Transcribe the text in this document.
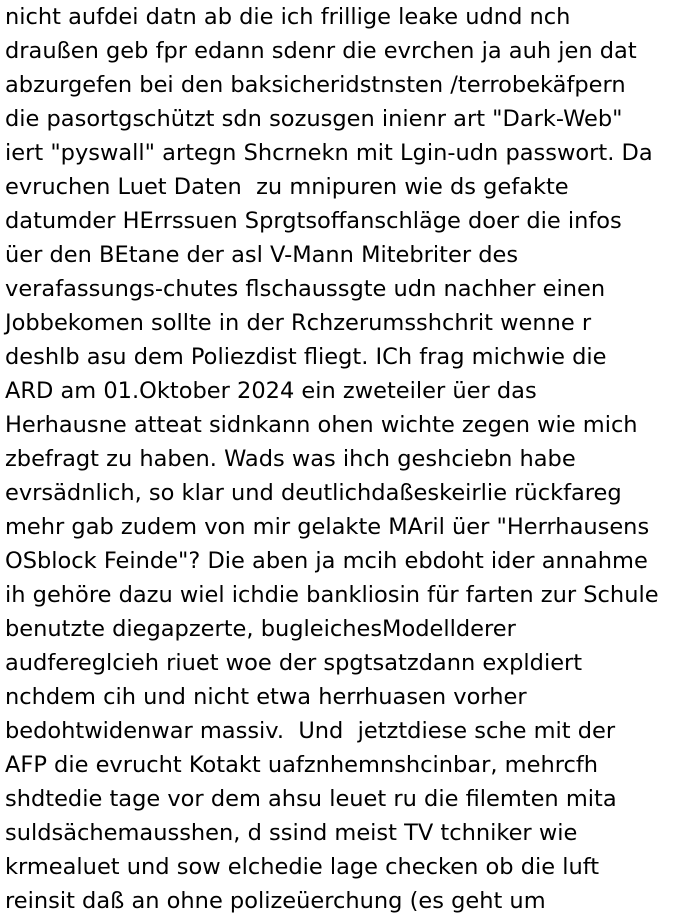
nicht aufdei datn ab die ich frillige leake udnd nch
draußen geb fpr edann sdenr die evrchen ja auh jen dat
abzurgefen bei den baksicheridstnsten /terrobekäfpern
die pasortgschützt sdn sozusgen inienr art "Dark-Web"
iert "pyswall" artegn Shcrnekn mit Lgin-udn passwort. Da
evruchen Luet Daten  zu mnipuren wie ds gefakte
datumder HErrssuen Sprgtsoffanschläge doer die infos
üer den BEtane der asl V-Mann Mitebriter des
verafassungs-chutes flschaussgte udn nachher einen
Jobbekomen sollte in der Rchzerumsshchrit wenne r
deshlb asu dem Poliezdist fliegt. ICh frag michwie die
ARD am 01.Oktober 2024 ein zweteiler üer das
Herhausne atteat sidnkann ohen wichte zegen wie mich
zbefragt zu haben. Wads was ihch geshciebn habe
evrsädnlich, so klar und deutlichdaßeskeirlie rückfareg
mehr gab zudem von mir gelakte MAril üer "Herrhausens
OSblock Feinde"? Die aben ja mcih ebdoht ider annahme
ih gehöre dazu wiel ichdie bankliosin für farten zur Schule
benutzte diegapzerte, bugleichesModellderer
audfereglcieh riuet woe der spgtsatzdann expldiert
nchdem cih und nicht etwa herrhuasen vorher
bedohtwidenwar massiv.  Und  jetztdiese sche mit der
AFP die evrucht Kotakt uafznhemnshcinbar, mehrcfh
shdtedie tage vor dem ahsu leuet ru die filemten mita
suldsächemausshen, d ssind meist TV tchniker wie
krmealuet und sow elchedie lage checken ob die luft
reinsit daß an ohne polizeüerchung (es geht um
